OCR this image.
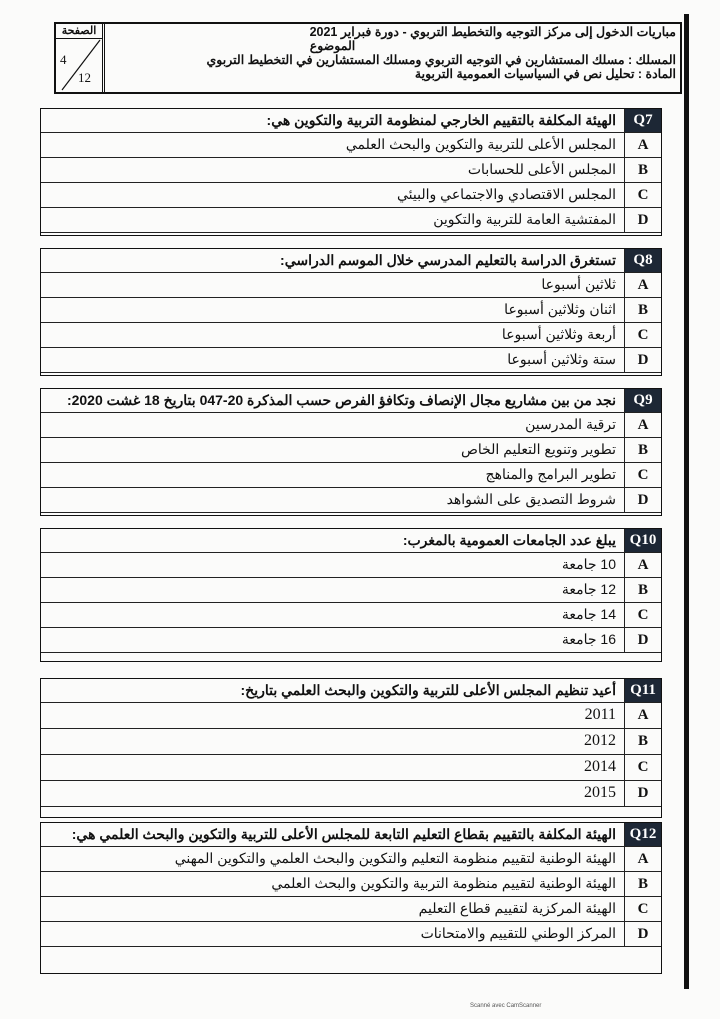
الصفحة
4
12
مباريات الدخول إلى مركز التوجيه والتخطيط التربوي - دورة فبراير 2021
الموضوع
المسلك : مسلك المستشارين في التوجيه التربوي ومسلك المستشارين في التخطيط التربوي
المادة : تحليل نص في السياسيات العمومية التربوية
Q7
الهيئة المكلفة بالتقييم الخارجي لمنظومة التربية والتكوين هي:
A
المجلس الأعلى للتربية والتكوين والبحث العلمي
B
المجلس الأعلى للحسابات
C
المجلس الاقتصادي والاجتماعي والبيئي
D
المفتشية العامة للتربية والتكوين
Q8
تستغرق الدراسة بالتعليم المدرسي خلال الموسم الدراسي:
A
ثلاثين أسبوعا
B
اثنان وثلاثين أسبوعا
C
أربعة وثلاثين أسبوعا
D
ستة وثلاثين أسبوعا
Q9
نجد من بين مشاريع مجال الإنصاف وتكافؤ الفرص حسب المذكرة 20-047 بتاريخ 18 غشت 2020:
A
ترقية المدرسين
B
تطوير وتنويع التعليم الخاص
C
تطوير البرامج والمناهج
D
شروط التصديق على الشواهد
Q10
يبلغ عدد الجامعات العمومية بالمغرب:
A
10 جامعة
B
12 جامعة
C
14 جامعة
D
16 جامعة
Q11
أعيد تنظيم المجلس الأعلى للتربية والتكوين والبحث العلمي بتاريخ:
A
2011
B
2012
C
2014
D
2015
Q12
الهيئة المكلفة بالتقييم بقطاع التعليم التابعة للمجلس الأعلى للتربية والتكوين والبحث العلمي هي:
A
الهيئة الوطنية لتقييم منظومة التعليم والتكوين والبحث العلمي والتكوين المهني
B
الهيئة الوطنية لتقييم منظومة التربية والتكوين والبحث العلمي
C
الهيئة المركزية لتقييم قطاع التعليم
D
المركز الوطني للتقييم والامتحانات
Scanné avec CamScanner
